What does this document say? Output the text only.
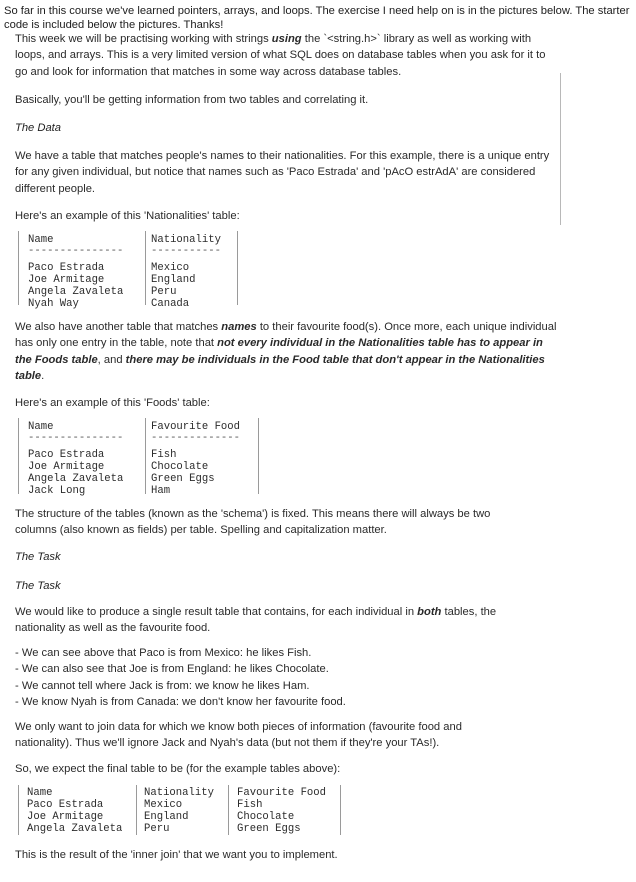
So far in this course we've learned pointers, arrays, and loops. The exercise I need help on is in the pictures below. The starter code is included below the pictures. Thanks!

This week we will be practising working with strings using the `<string.h>` library as well as working with loops, and arrays. This is a very limited version of what SQL does on database tables when you ask for it to go and look for information that matches in some way across database tables.

Basically, you'll be getting information from two tables and correlating it.

The Data

We have a table that matches people's names to their nationalities. For this example, there is a unique entry for any given individual, but notice that names such as 'Paco Estrada' and 'pAcO estrAdA' are considered different people.

Here's an example of this 'Nationalities' table:

We also have another table that matches names to their favourite food(s). Once more, each unique individual has only one entry in the table, note that not every individual in the Nationalities table has to appear in the Foods table, and there may be individuals in the Food table that don't appear in the Nationalities table.

Here's an example of this 'Foods' table:

The structure of the tables (known as the 'schema') is fixed. This means there will always be two columns (also known as fields) per table. Spelling and capitalization matter.

The Task

The Task

We would like to produce a single result table that contains, for each individual in both tables, the nationality as well as the favourite food.

- We can see above that Paco is from Mexico: he likes Fish.

- We can also see that Joe is from England: he likes Chocolate.

- We cannot tell where Jack is from: we know he likes Ham.

- We know Nyah is from Canada: we don't know her favourite food.

We only want to join data for which we know both pieces of information (favourite food and nationality). Thus we'll ignore Jack and Nyah's data (but not them if they're your TAs!).

So, we expect the final table to be (for the example tables above):

This is the result of the 'inner join' that we want you to implement.

Name
---------------
Paco Estrada
Joe Armitage
Angela Zavaleta
Nyah Way
Nationality
-----------
Mexico
England
Peru
Canada
Name
---------------
Paco Estrada
Joe Armitage
Angela Zavaleta
Jack Long
Favourite Food
--------------
Fish
Chocolate
Green Eggs
Ham
Name
Paco Estrada
Joe Armitage
Angela Zavaleta
Nationality
Mexico
England
Peru
Favourite Food
Fish
Chocolate
Green Eggs
